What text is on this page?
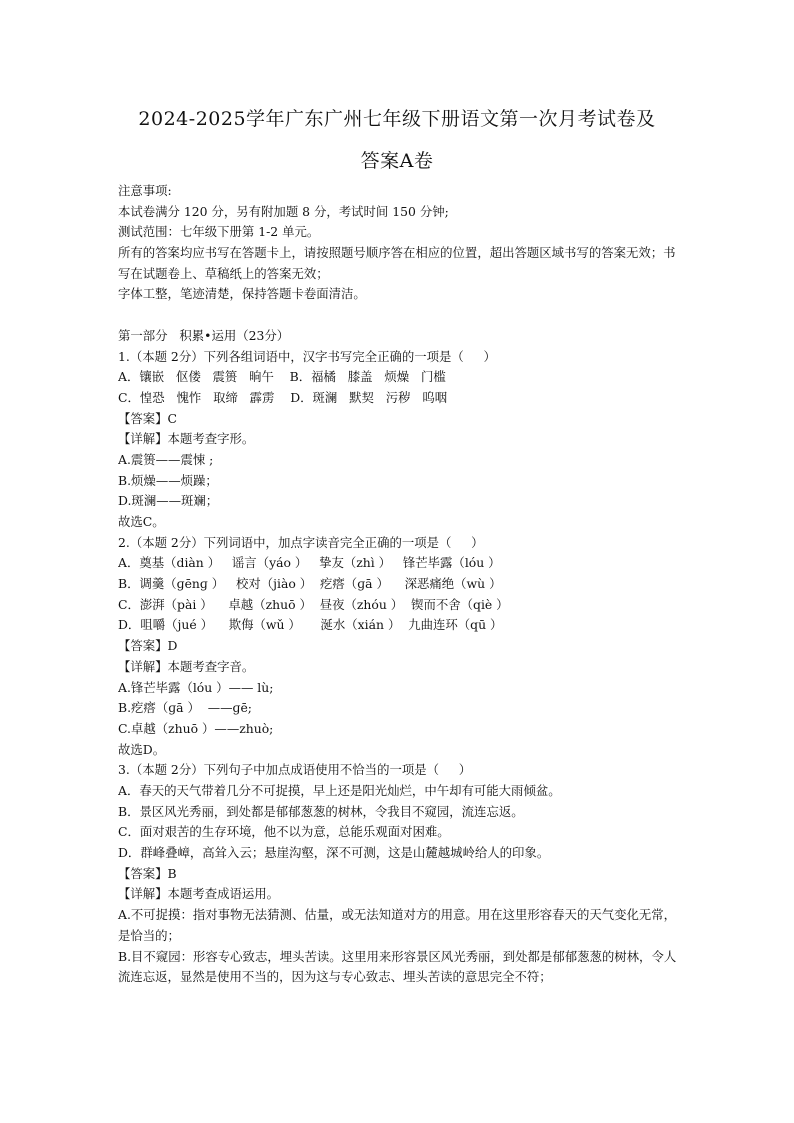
2024-2025学年广东广州七年级下册语文第一次月考试卷及
答案A卷
注意事项:
本试卷满分 120 分，另有附加题 8 分，考试时间 150 分钟;
测试范围：七年级下册第 1-2 单元。
所有的答案均应书写在答题卡上，请按照题号顺序答在相应的位置，超出答题区域书写的答案无效；书写在试题卷上、草稿纸上的答案无效；
字体工整，笔迹清楚，保持答题卡卷面清洁。
第一部分   积累•运用（23分）
1.（本题 2分）下列各组词语中，汉字书写完全正确的一项是（     ）
A．镶嵌   伛偻   震篑   晌午    B．福橘   膝盖   烦燥   门槛
C．惶恐   愧怍   取缔   霹雳    D．斑澜   默契   污秽   呜咽
【答案】C
【详解】本题考查字形。
A.震篑——震悚 ;
B.烦燥——烦躁；
D.斑澜——斑斓；
故选C。
2.（本题 2分）下列词语中，加点字读音完全正确的一项是（     ）
A．奠基（diàn ）   谣言（yáo ）   挚友（zhì ）   锋芒毕露（lóu ）
B．调羹（ɡēnɡ ）   校对（jiào ）  疙瘩（ɡā ）    深恶痛绝（wù ）
C．澎湃（pài ）    卓越（zhuō ）  昼夜（zhóu ）  锲而不舍（qiè ）
D．咀嚼（jué ）    欺侮（wǔ ）     涎水（xián ）  九曲连环（qū ）
【答案】D
【详解】本题考查字音。
A.锋芒毕露（lóu ）—— lù;
B.疙瘩（ɡā ）  ——ɡē;
C.卓越（zhuō ）——zhuò;
故选D。
3.（本题 2分）下列句子中加点成语使用不恰当的一项是（     ）
A．春天的天气带着几分不可捉摸，早上还是阳光灿烂，中午却有可能大雨倾盆。
B．景区风光秀丽，到处都是郁郁葱葱的树林，令我目不窥园，流连忘返。
C．面对艰苦的生存环境，他不以为意，总能乐观面对困难。
D．群峰叠嶂，高耸入云；悬崖沟壑，深不可测，这是山麓越城岭给人的印象。
【答案】B
【详解】本题考查成语运用。
A.不可捉摸：指对事物无法猜测、估量，或无法知道对方的用意。用在这里形容春天的天气变化无常，是恰当的；
B.目不窥园：形容专心致志，埋头苦读。这里用来形容景区风光秀丽，到处都是郁郁葱葱的树林，令人流连忘返，显然是使用不当的，因为这与专心致志、埋头苦读的意思完全不符；
